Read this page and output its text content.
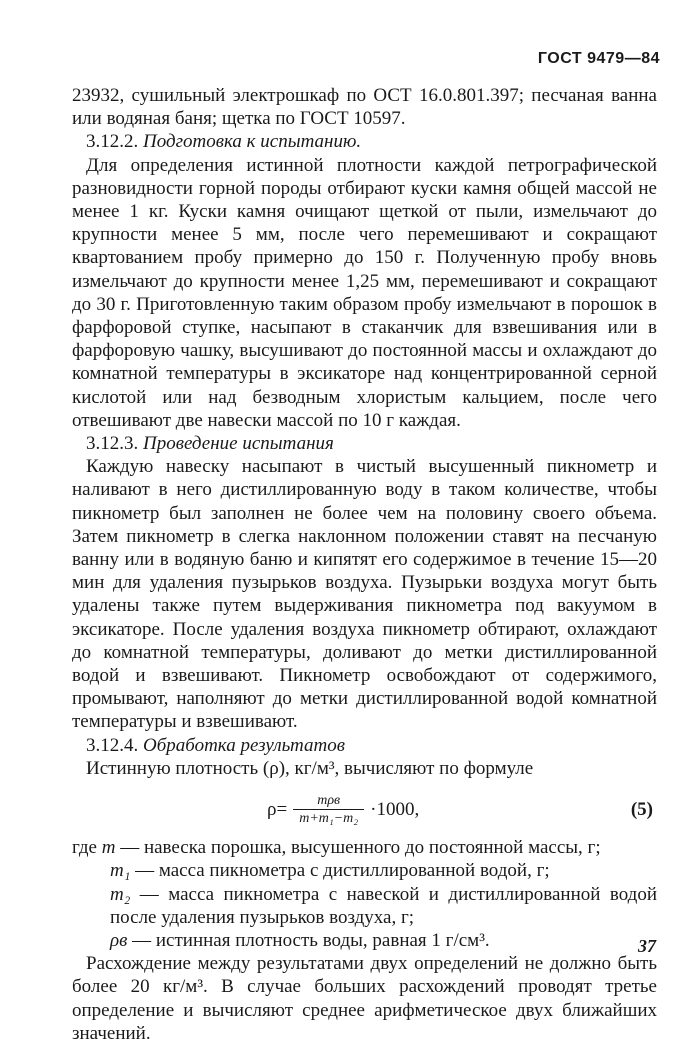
ГОСТ 9479—84

23932, сушильный электрошкаф по ОСТ 16.0.801.397; песчаная ванна или водяная баня; щетка по ГОСТ 10597.

3.12.2. Подготовка к испытанию.

Для определения истинной плотности каждой петрографической разновидности горной породы отбирают куски камня общей массой не менее 1 кг. Куски камня очищают щеткой от пыли, измельчают до крупности менее 5 мм, после чего перемешивают и сокращают квартованием пробу примерно до 150 г. Полученную пробу вновь измельчают до крупности менее 1,25 мм, перемешивают и сокращают до 30 г. Приготовленную таким образом пробу измельчают в порошок в фарфоровой ступке, насыпают в стаканчик для взвешивания или в фарфоровую чашку, высушивают до постоянной массы и охлаждают до комнатной температуры в эксикаторе над концентрированной серной кислотой или над безводным хлористым кальцием, после чего отвешивают две навески массой по 10 г каждая.

3.12.3. Проведение испытания

Каждую навеску насыпают в чистый высушенный пикнометр и наливают в него дистиллированную воду в таком количестве, чтобы пикнометр был заполнен не более чем на половину своего объема. Затем пикнометр в слегка наклонном положении ставят на песчаную ванну или в водяную баню и кипятят его содержимое в течение 15—20 мин для удаления пузырьков воздуха. Пузырьки воздуха могут быть удалены также путем выдерживания пикнометра под вакуумом в эксикаторе. После удаления воздуха пикнометр обтирают, охлаждают до комнатной температуры, доливают до метки дистиллированной водой и взвешивают. Пикнометр освобождают от содержимого, промывают, наполняют до метки дистиллированной водой комнатной температуры и взвешивают.

3.12.4. Обработка результатов

Истинную плотность (ρ), кг/м³, вычисляют по формуле

$\rho= \frac{\text{mρв}}{\text{m+m₁−m₂}} \cdot 1000$,	(5)
где m — навеска порошка, высушенного до постоянной массы, г;
m₁ — масса пикнометра с дистиллированной водой, г;
m₂ — масса пикнометра с навеской и дистиллированной водой после удаления пузырьков воздуха, г;
ρв — истинная плотность воды, равная 1 г/см³.

Расхождение между результатами двух определений не должно быть более 20 кг/м³. В случае больших расхождений проводят третье определение и вычисляют среднее арифметическое двух ближайших значений.

37
